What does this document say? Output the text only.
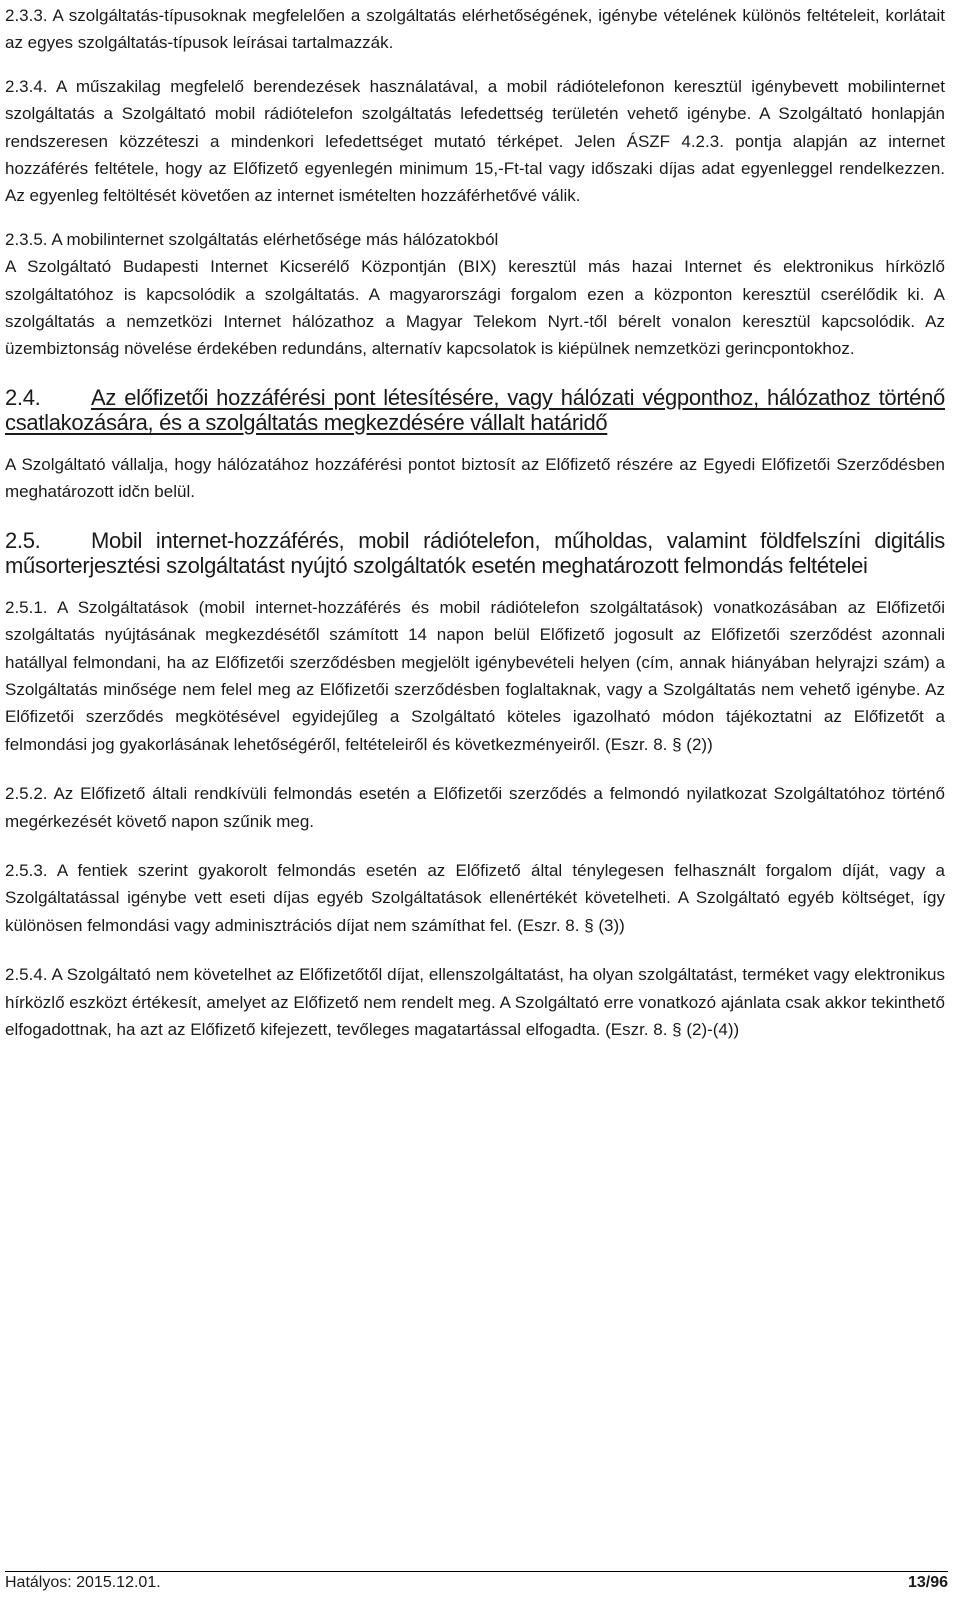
2.3.3. A szolgáltatás-típusoknak megfelelően a szolgáltatás elérhetőségének, igénybe vételének különös feltételeit, korlátait az egyes szolgáltatás-típusok leírásai tartalmazzák.

2.3.4. A műszakilag megfelelő berendezések használatával, a mobil rádiótelefonon keresztül igénybevett mobilinternet szolgáltatás a Szolgáltató mobil rádiótelefon szolgáltatás lefedettség területén vehető igénybe. A Szolgáltató honlapján rendszeresen közzéteszi a mindenkori lefedettséget mutató térképet. Jelen ÁSZF 4.2.3. pontja alapján az internet hozzáférés feltétele, hogy az Előfizető egyenlegén minimum 15,-Ft-tal vagy időszaki díjas adat egyenleggel rendelkezzen. Az egyenleg feltöltését követően az internet ismételten hozzáférhetővé válik.

2.3.5. A mobilinternet szolgáltatás elérhetősége más hálózatokból

A Szolgáltató Budapesti Internet Kicserélő Központján (BIX) keresztül más hazai Internet és elektronikus hírközlő szolgáltatóhoz is kapcsolódik a szolgáltatás. A magyarországi forgalom ezen a központon keresztül cserélődik ki. A szolgáltatás a nemzetközi Internet hálózathoz a Magyar Telekom Nyrt.-től bérelt vonalon keresztül kapcsolódik. Az üzembiztonság növelése érdekében redundáns, alternatív kapcsolatok is kiépülnek nemzetközi gerincpontokhoz.

2.4. Az előfizetői hozzáférési pont létesítésére, vagy hálózati végponthoz, hálózathoz történő csatlakozására, és a szolgáltatás megkezdésére vállalt határidő

A Szolgáltató vállalja, hogy hálózatához hozzáférési pontot biztosít az Előfizető részére az Egyedi Előfizetői Szerződésben meghatározott idčn belül.

2.5. Mobil internet-hozzáférés, mobil rádiótelefon, műholdas, valamint földfelszíni digitális műsorterjesztési szolgáltatást nyújtó szolgáltatók esetén meghatározott felmondás feltételei

2.5.1. A Szolgáltatások (mobil internet-hozzáférés és mobil rádiótelefon szolgáltatások) vonatkozásában az Előfizetői szolgáltatás nyújtásának megkezdésétől számított 14 napon belül Előfizető jogosult az Előfizetői szerződést azonnali hatállyal felmondani, ha az Előfizetői szerződésben megjelölt igénybevételi helyen (cím, annak hiányában helyrajzi szám) a Szolgáltatás minősége nem felel meg az Előfizetői szerződésben foglaltaknak, vagy a Szolgáltatás nem vehető igénybe. Az Előfizetői szerződés megkötésével egyidejűleg a Szolgáltató köteles igazolható módon tájékoztatni az Előfizetőt a felmondási jog gyakorlásának lehetőségéről, feltételeiről és következményeiről. (Eszr. 8. § (2))

2.5.2. Az Előfizető általi rendkívüli felmondás esetén a Előfizetői szerződés a felmondó nyilatkozat Szolgáltatóhoz történő megérkezését követő napon szűnik meg.

2.5.3. A fentiek szerint gyakorolt felmondás esetén az Előfizető által ténylegesen felhasznált forgalom díját, vagy a Szolgáltatással igénybe vett eseti díjas egyéb Szolgáltatások ellenértékét követelheti. A Szolgáltató egyéb költséget, így különösen felmondási vagy adminisztrációs díjat nem számíthat fel. (Eszr. 8. § (3))

2.5.4. A Szolgáltató nem követelhet az Előfizetőtől díjat, ellenszolgáltatást, ha olyan szolgáltatást, terméket vagy elektronikus hírközlő eszközt értékesít, amelyet az Előfizető nem rendelt meg. A Szolgáltató erre vonatkozó ajánlata csak akkor tekinthető elfogadottnak, ha azt az Előfizető kifejezett, tevőleges magatartással elfogadta. (Eszr. 8. § (2)-(4))

Hatályos: 2015.12.01.	13/96
